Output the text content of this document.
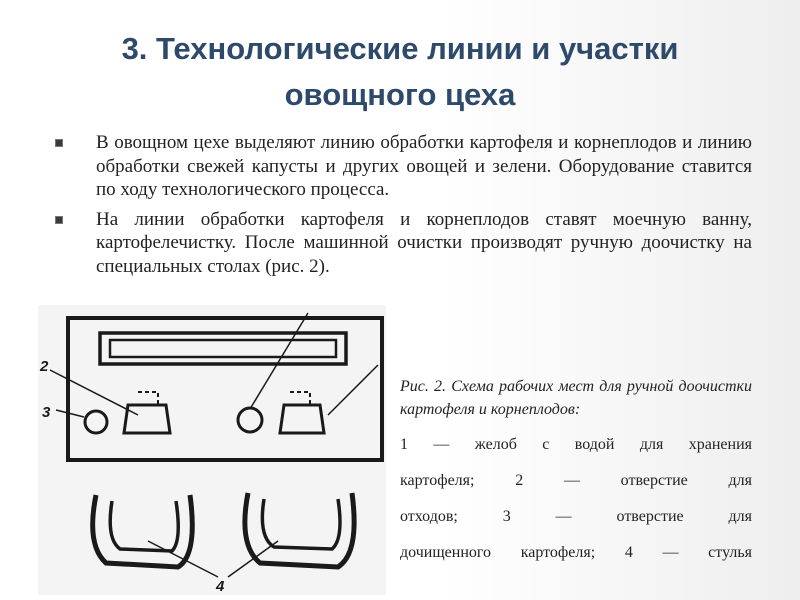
3. Технологические линии и участки
овощного цеха
В овощном цехе выделяют линию обработки картофеля и корнеплодов и линию обработки свежей капусты и других овощей и зелени. Оборудование ставится по ходу технологического процесса.
На линии обработки картофеля и корнеплодов ставят моечную ванну, картофелечистку. После машинной очистки производят ручную доочистку на специальных столах (рис. 2).
2
3
4

Рис. 2. Схема рабочих мест для ручной доочистки картофеля и корнеплодов:

1 — желоб с водой для хранения

картофеля; 2 — отверстие для

отходов; 3 — отверстие для

дочищенного картофеля; 4 — стулья
